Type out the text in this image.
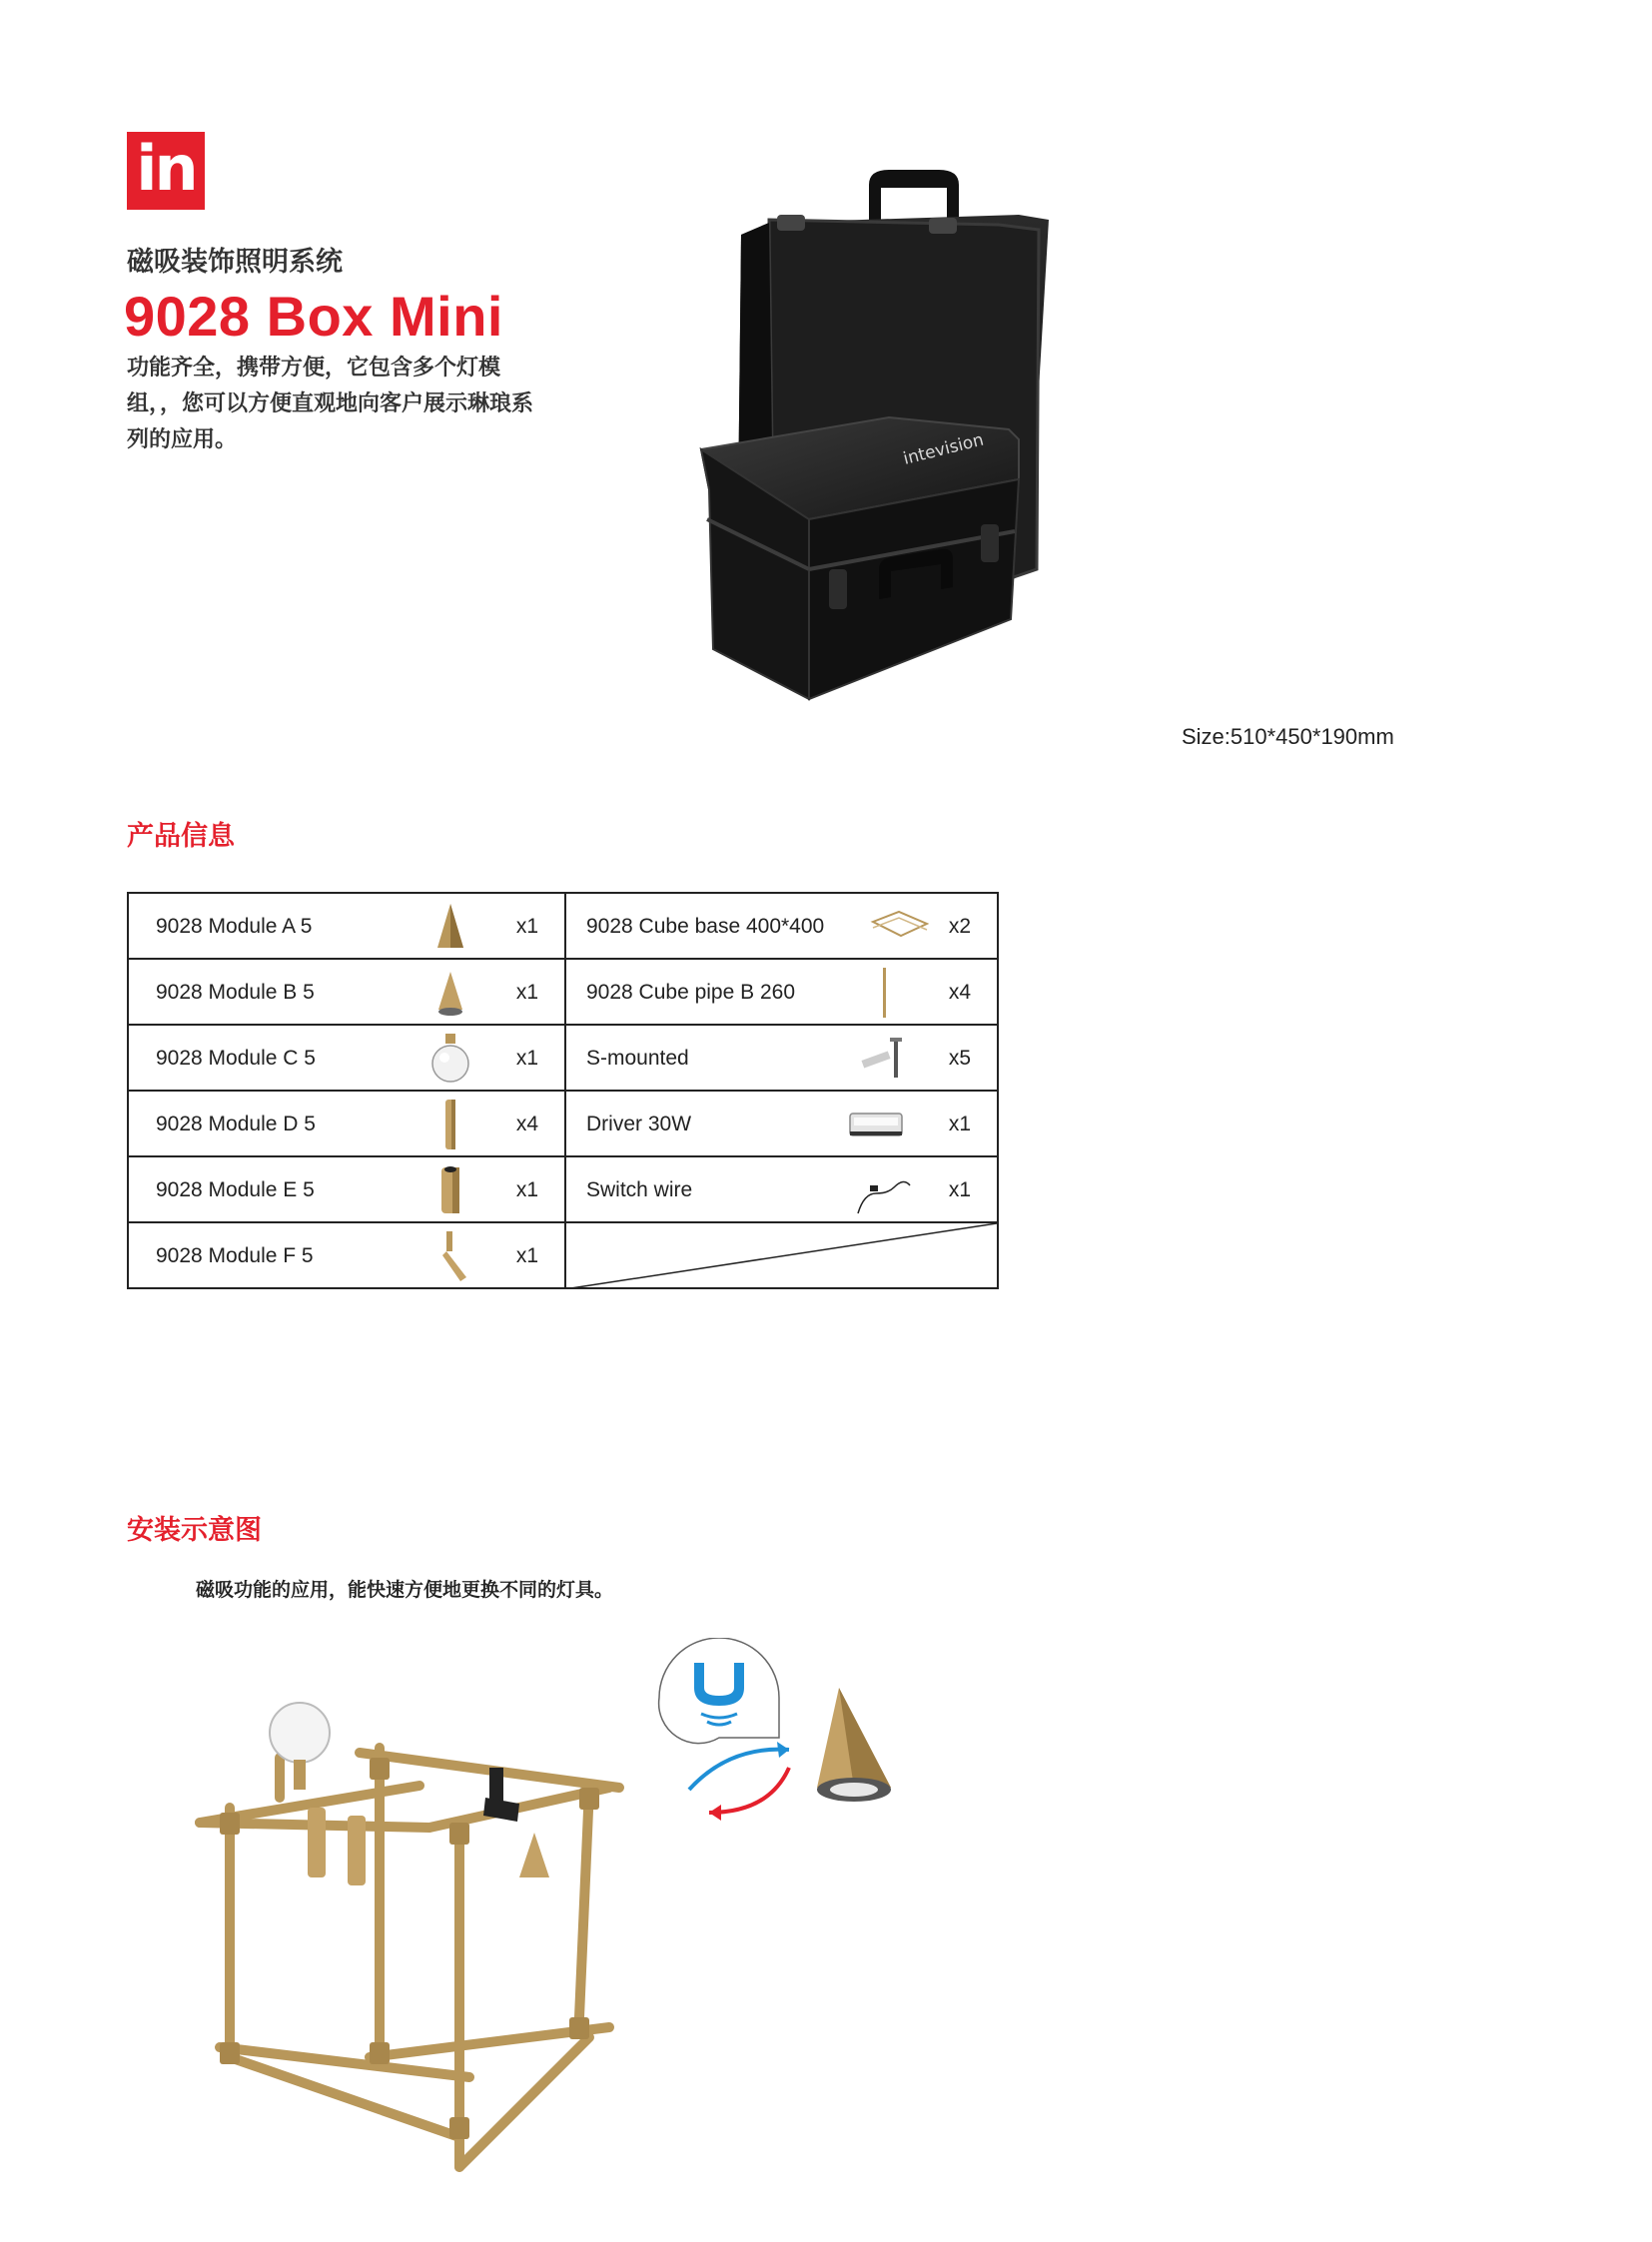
in
磁吸装饰照明系统
9028 Box Mini
功能齐全，携带方便，它包含多个灯模组，，您可以方便直观地向客户展示琳琅系列的应用。	intevision
Size:510*450*190mm
产品信息
9028 Module A 5	x1
9028 Module B 5	x1
9028 Module C 5	x1
9028 Module D 5	x4
9028 Module E 5	x1
9028 Module F 5	x1
9028 Cube base 400*400	x2
9028 Cube pipe B 260	x4
S-mounted	x5
Driver 30W	x1
Switch wire	x1
安装示意图
磁吸功能的应用，能快速方便地更换不同的灯具。
